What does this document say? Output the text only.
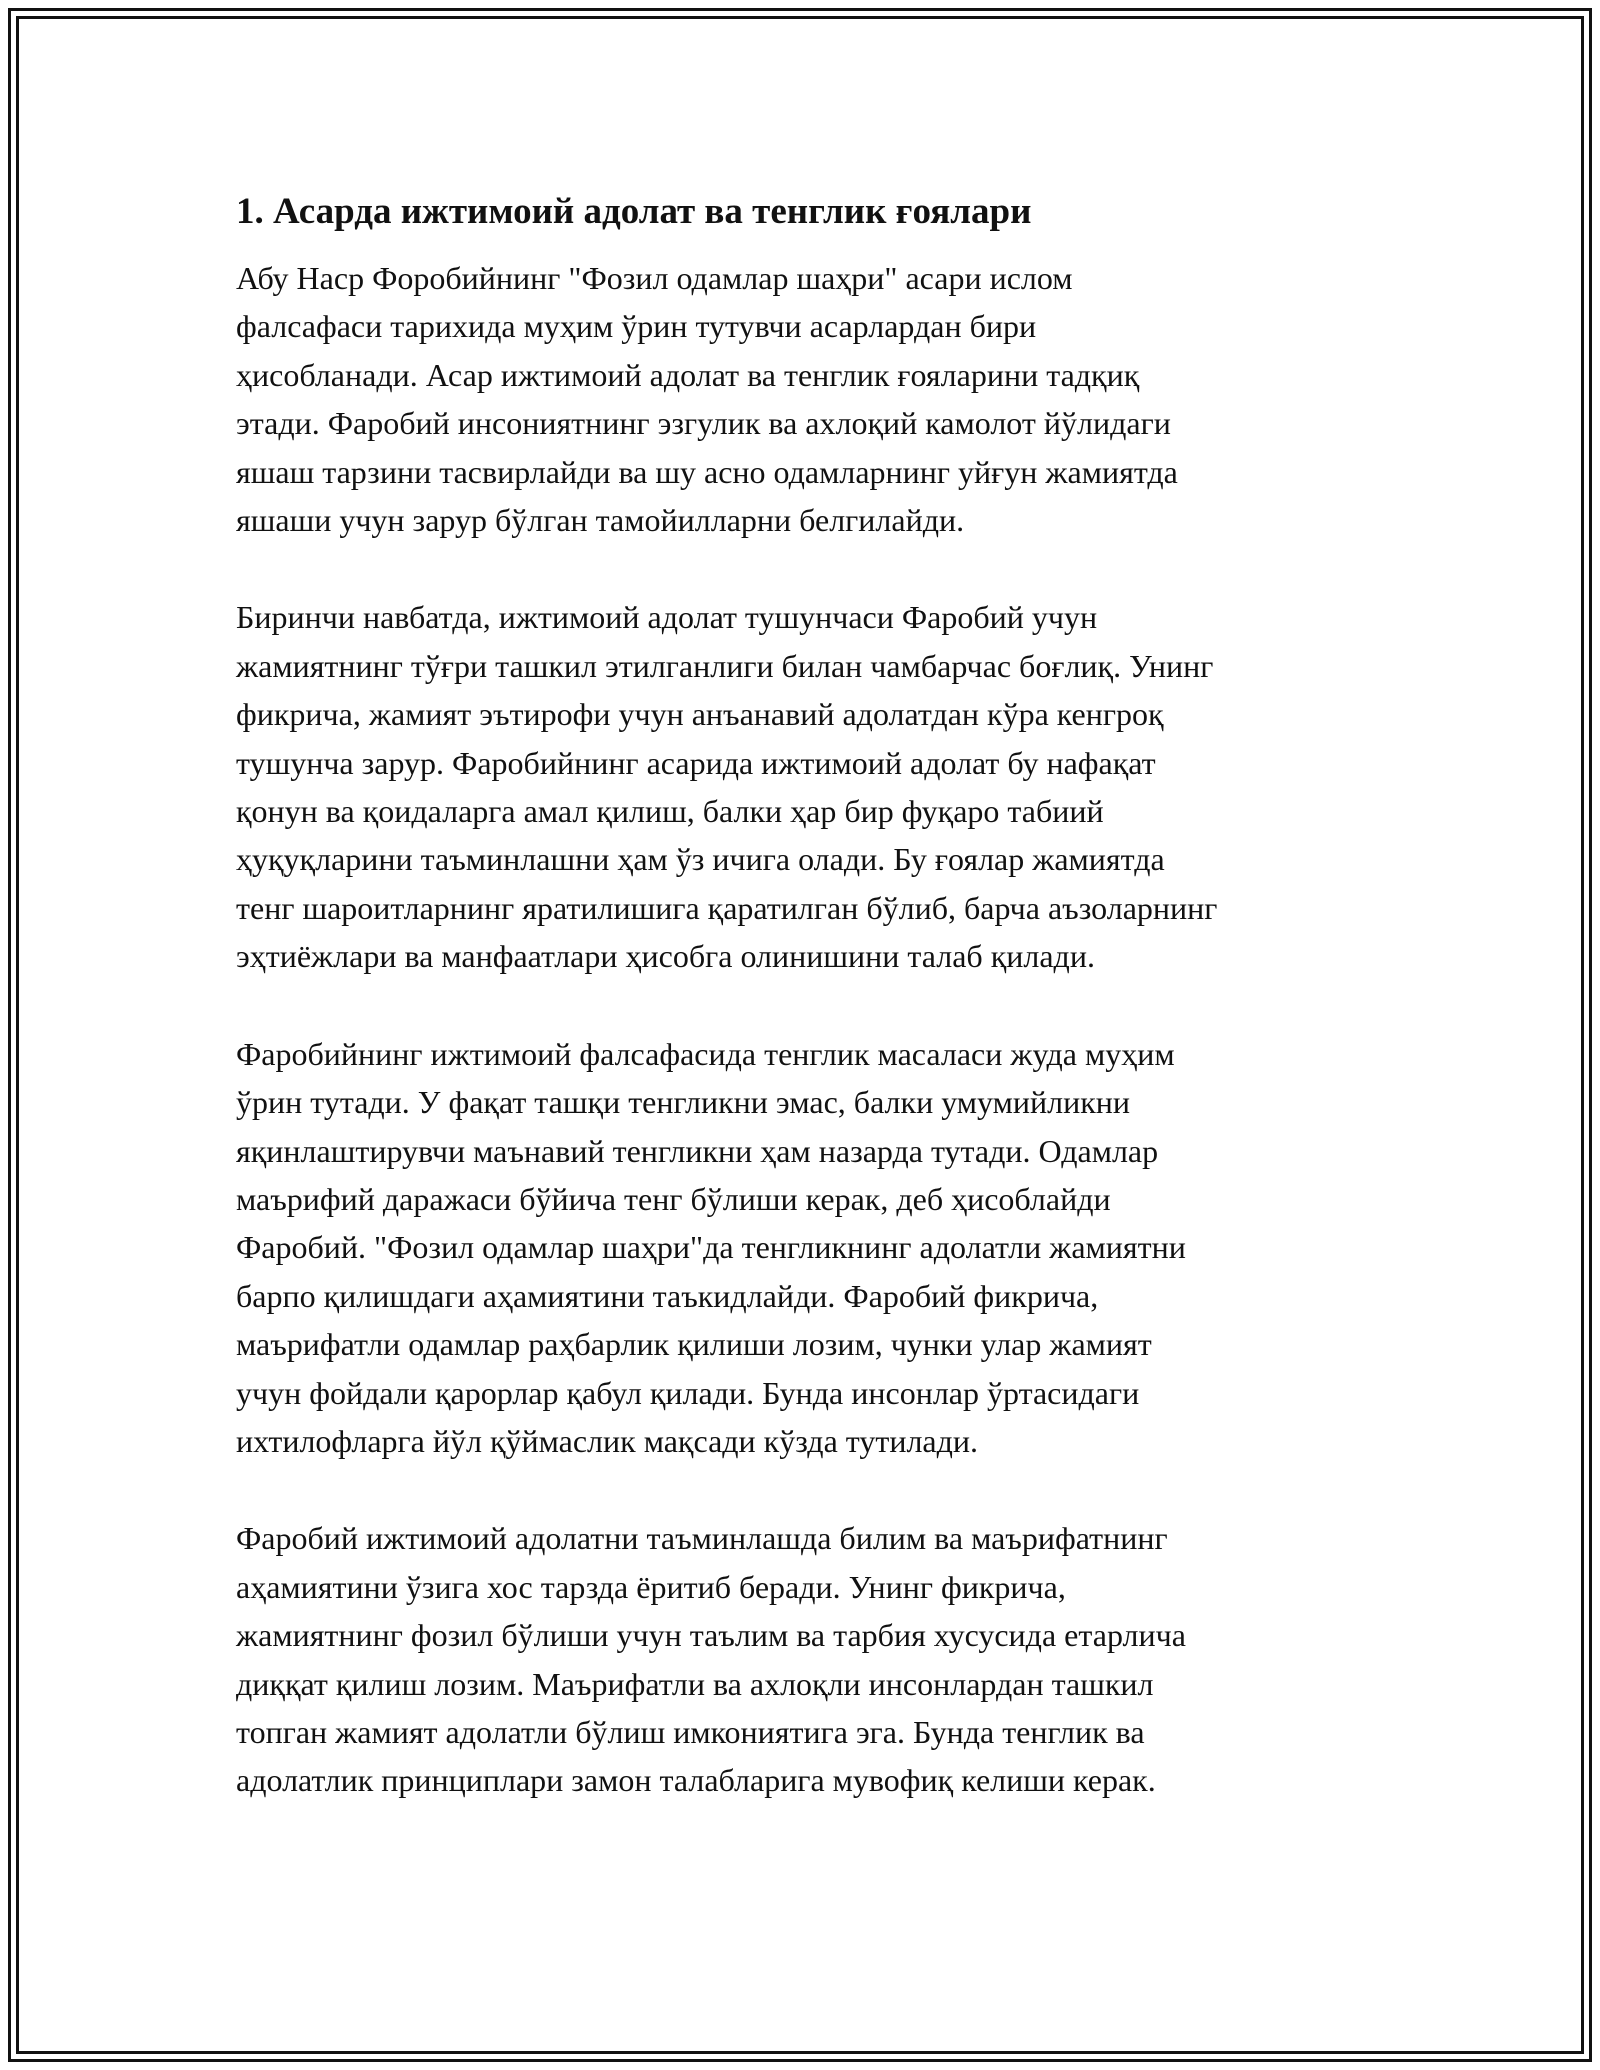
1. Асарда ижтимоий адолат ва тенглик ғоялари

Абу Наср Форобийнинг "Фозил одамлар шаҳри" асари ислом
фалсафаси тарихида муҳим ўрин тутувчи асарлардан бири
ҳисобланади. Асар ижтимоий адолат ва тенглик ғояларини тадқиқ
этади. Фаробий инсониятнинг эзгулик ва ахлоқий камолот йўлидаги
яшаш тарзини тасвирлайди ва шу асно одамларнинг уйғун жамиятда
яшаши учун зарур бўлган тамойилларни белгилайди.

Биринчи навбатда, ижтимоий адолат тушунчаси Фаробий учун
жамиятнинг тўғри ташкил этилганлиги билан чамбарчас боғлиқ. Унинг
фикрича, жамият эътирофи учун анъанавий адолатдан кўра кенгроқ
тушунча зарур. Фаробийнинг асарида ижтимоий адолат бу нафақат
қонун ва қоидаларга амал қилиш, балки ҳар бир фуқаро табиий
ҳуқуқларини таъминлашни ҳам ўз ичига олади. Бу ғоялар жамиятда
тенг шароитларнинг яратилишига қаратилган бўлиб, барча аъзоларнинг
эҳтиёжлари ва манфаатлари ҳисобга олинишини талаб қилади.

Фаробийнинг ижтимоий фалсафасида тенглик масаласи жуда муҳим
ўрин тутади. У фақат ташқи тенгликни эмас, балки умумийликни
яқинлаштирувчи маънавий тенгликни ҳам назарда тутади. Одамлар
маърифий даражаси бўйича тенг бўлиши керак, деб ҳисоблайди
Фаробий. "Фозил одамлар шаҳри"да тенгликнинг адолатли жамиятни
барпо қилишдаги аҳамиятини таъкидлайди. Фаробий фикрича,
маърифатли одамлар раҳбарлик қилиши лозим, чунки улар жамият
учун фойдали қарорлар қабул қилади. Бунда инсонлар ўртасидаги
ихтилофларга йўл қўймаслик мақсади кўзда тутилади.

Фаробий ижтимоий адолатни таъминлашда билим ва маърифатнинг
аҳамиятини ўзига хос тарзда ёритиб беради. Унинг фикрича,
жамиятнинг фозил бўлиши учун таълим ва тарбия хусусида етарлича
диққат қилиш лозим. Маърифатли ва ахлоқли инсонлардан ташкил
топган жамият адолатли бўлиш имкониятига эга. Бунда тенглик ва
адолатлик принциплари замон талабларига мувофиқ келиши керак.
